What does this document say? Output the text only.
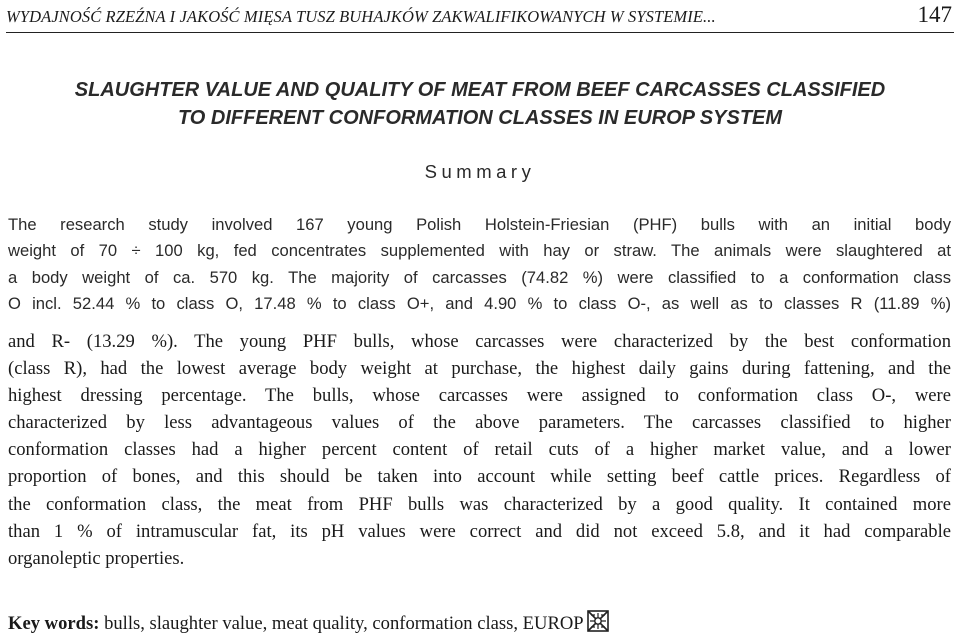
WYDAJNOŚĆ RZEŹNA I JAKOŚĆ MIĘSA TUSZ BUHAJKÓW ZAKWALIFIKOWANYCH W SYSTEMIE...	147
SLAUGHTER VALUE AND QUALITY OF MEAT FROM BEEF CARCASSES CLASSIFIED
TO DIFFERENT CONFORMATION CLASSES IN EUROP SYSTEM
Summary
The research study involved 167 young Polish Holstein-Friesian (PHF) bulls with an initial body
weight of 70 ÷ 100 kg, fed concentrates supplemented with hay or straw. The animals were slaughtered at
a body weight of ca. 570 kg. The majority of carcasses (74.82 %) were classified to a conformation class
O incl. 52.44 % to class O, 17.48 % to class O+, and 4.90 % to class O-, as well as to classes R (11.89 %)
and R- (13.29 %). The young PHF bulls, whose carcasses were characterized by the best conformation
(class R), had the lowest average body weight at purchase, the highest daily gains during fattening, and the
highest dressing percentage. The bulls, whose carcasses were assigned to conformation class O-, were
characterized by less advantageous values of the above parameters. The carcasses classified to higher
conformation classes had a higher percent content of retail cuts of a higher market value, and a lower
proportion of bones, and this should be taken into account while setting beef cattle prices. Regardless of
the conformation class, the meat from PHF bulls was characterized by a good quality. It contained more
than 1 % of intramuscular fat, its pH values were correct and did not exceed 5.8, and it had comparable
organoleptic properties.
Key words: bulls, slaughter value, meat quality, conformation class, EUROP
